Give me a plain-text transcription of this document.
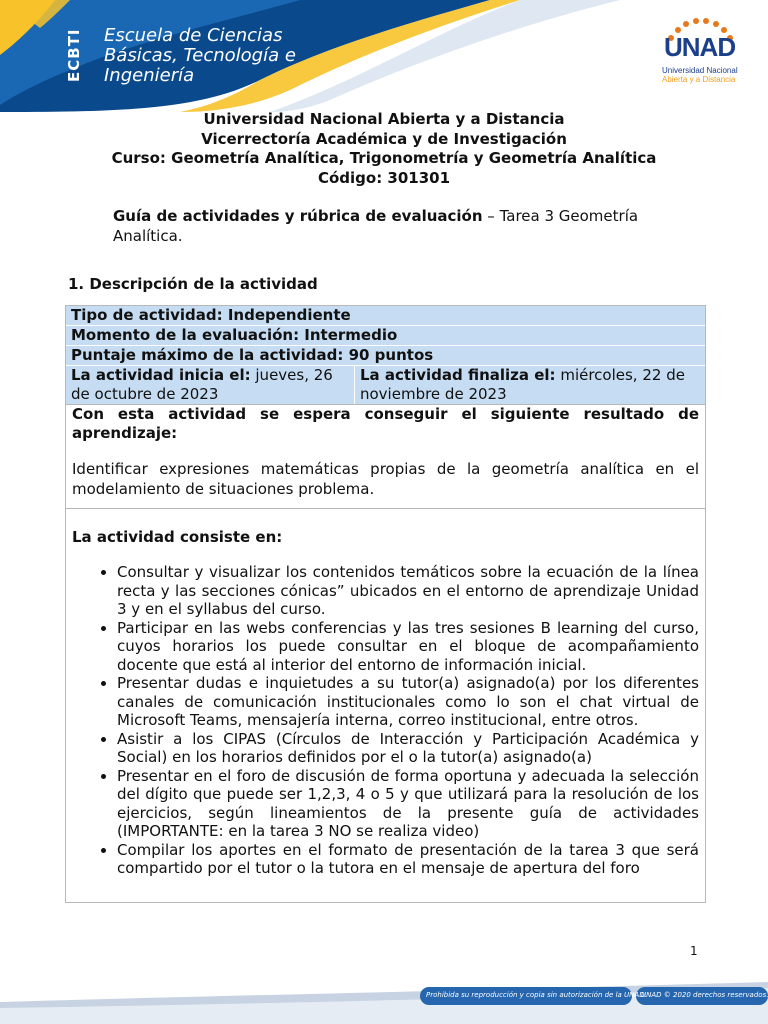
ECBTI	Escuela de Ciencias
Básicas, Tecnología e
Ingeniería
UNAD
Universidad Nacional
Abierta y a Distancia
Universidad Nacional Abierta y a Distancia
Vicerrectoría Académica y de Investigación
Curso: Geometría Analítica, Trigonometría y Geometría Analítica
Código: 301301
Guía de actividades y rúbrica de evaluación – Tarea 3 Geometría Analítica.
1. Descripción de la actividad
Tipo de actividad: Independiente
Momento de la evaluación: Intermedio
Puntaje máximo de la actividad: 90 puntos
La actividad inicia el: jueves, 26 de octubre de 2023
La actividad finaliza el: miércoles, 22 de noviembre de 2023
Con esta actividad se espera conseguir el siguiente resultado de aprendizaje:
Identificar expresiones matemáticas propias de la geometría analítica en el modelamiento de situaciones problema.
La actividad consiste en:
• Consultar y visualizar los contenidos temáticos sobre la ecuación de la línea recta y las secciones cónicas” ubicados en el entorno de aprendizaje Unidad 3 y en el syllabus del curso.
• Participar en las webs conferencias y las tres sesiones B learning del curso, cuyos horarios los puede consultar en el bloque de acompañamiento docente que está al interior del entorno de información inicial.
• Presentar dudas e inquietudes a su tutor(a) asignado(a) por los diferentes canales de comunicación institucionales como lo son el chat virtual de Microsoft Teams, mensajería interna, correo institucional, entre otros.
• Asistir a los CIPAS (Círculos de Interacción y Participación Académica y Social) en los horarios definidos por el o la tutor(a) asignado(a)
• Presentar en el foro de discusión de forma oportuna y adecuada la selección del dígito que puede ser 1,2,3, 4 o 5 y que utilizará para la resolución de los ejercicios, según lineamientos de la presente guía de actividades (IMPORTANTE: en la tarea 3 NO se realiza video)
• Compilar los aportes en el formato de presentación de la tarea 3 que será compartido por el tutor o la tutora en el mensaje de apertura del foro
1
Prohibida su reproducción y copia sin autorización de la UNAD.
UNAD © 2020 derechos reservados.
